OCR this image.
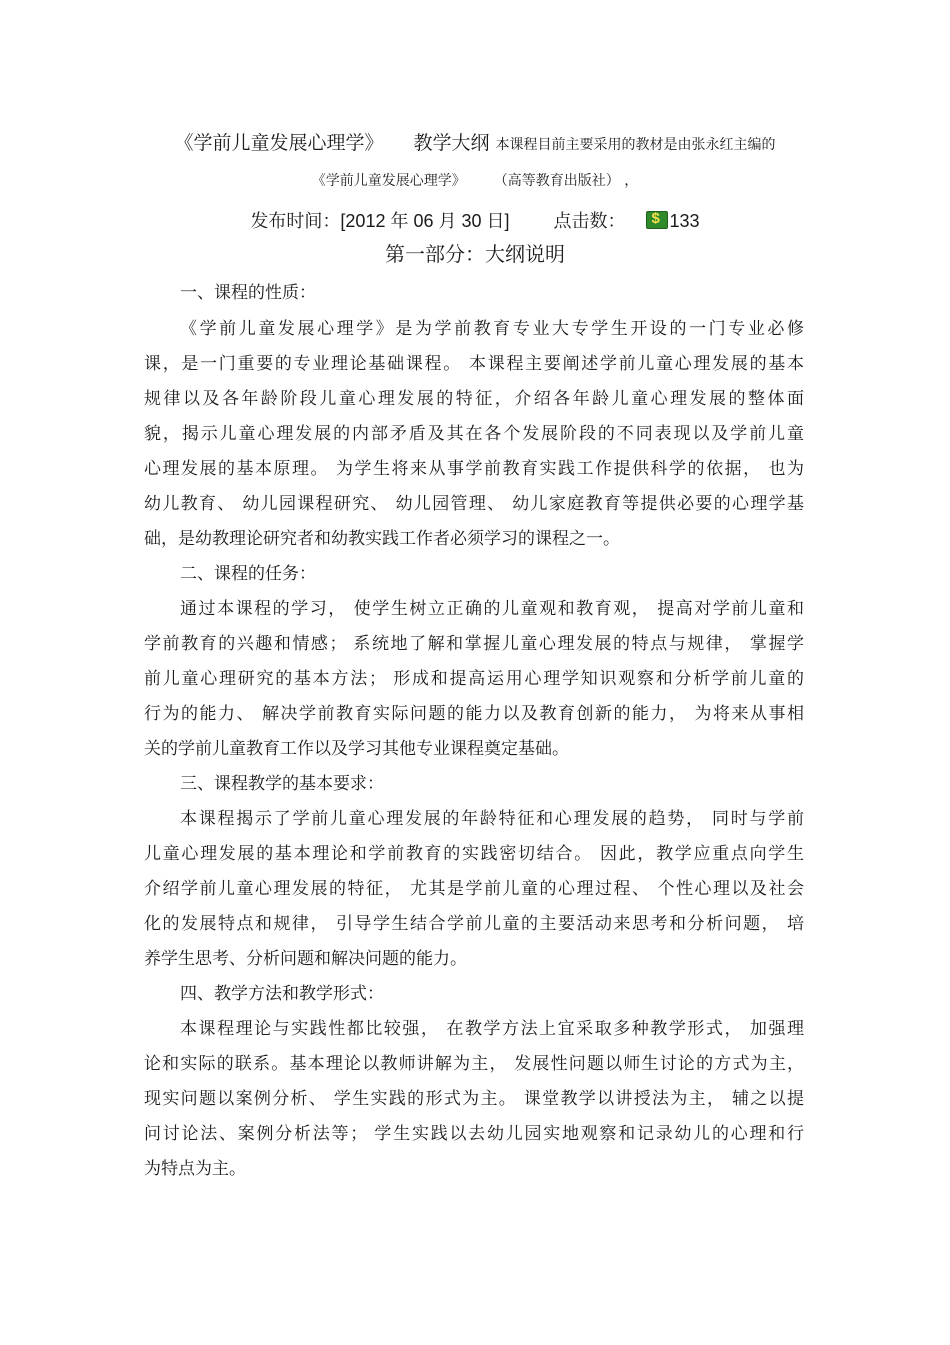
《学前儿童发展心理学》 教学大纲 本课程目前主要采用的教材是由张永红主编的
《学前儿童发展心理学》 （高等教育出版社） ，
发布时间：[2012 年 06 月 30 日] 点击数：$ 133
第一部分：大纲说明
一、课程的性质：
《学前儿童发展心理学》是为学前教育专业大专学生开设的一门专业必修
课，是一门重要的专业理论基础课程。 本课程主要阐述学前儿童心理发展的基本
规律以及各年龄阶段儿童心理发展的特征，介绍各年龄儿童心理发展的整体面
貌，揭示儿童心理发展的内部矛盾及其在各个发展阶段的不同表现以及学前儿童
心理发展的基本原理。 为学生将来从事学前教育实践工作提供科学的依据， 也为
幼儿教育、 幼儿园课程研究、 幼儿园管理、 幼儿家庭教育等提供必要的心理学基
础，是幼教理论研究者和幼教实践工作者必须学习的课程之一。
二、课程的任务：
通过本课程的学习， 使学生树立正确的儿童观和教育观， 提高对学前儿童和
学前教育的兴趣和情感； 系统地了解和掌握儿童心理发展的特点与规律， 掌握学
前儿童心理研究的基本方法； 形成和提高运用心理学知识观察和分析学前儿童的
行为的能力、 解决学前教育实际问题的能力以及教育创新的能力， 为将来从事相
关的学前儿童教育工作以及学习其他专业课程奠定基础。
三、课程教学的基本要求：
本课程揭示了学前儿童心理发展的年龄特征和心理发展的趋势， 同时与学前
儿童心理发展的基本理论和学前教育的实践密切结合。 因此，教学应重点向学生
介绍学前儿童心理发展的特征， 尤其是学前儿童的心理过程、 个性心理以及社会
化的发展特点和规律， 引导学生结合学前儿童的主要活动来思考和分析问题， 培
养学生思考、分析问题和解决问题的能力。
四、教学方法和教学形式：
本课程理论与实践性都比较强， 在教学方法上宜采取多种教学形式， 加强理
论和实际的联系。基本理论以教师讲解为主， 发展性问题以师生讨论的方式为主，
现实问题以案例分析、 学生实践的形式为主。 课堂教学以讲授法为主， 辅之以提
问讨论法、案例分析法等； 学生实践以去幼儿园实地观察和记录幼儿的心理和行
为特点为主。
